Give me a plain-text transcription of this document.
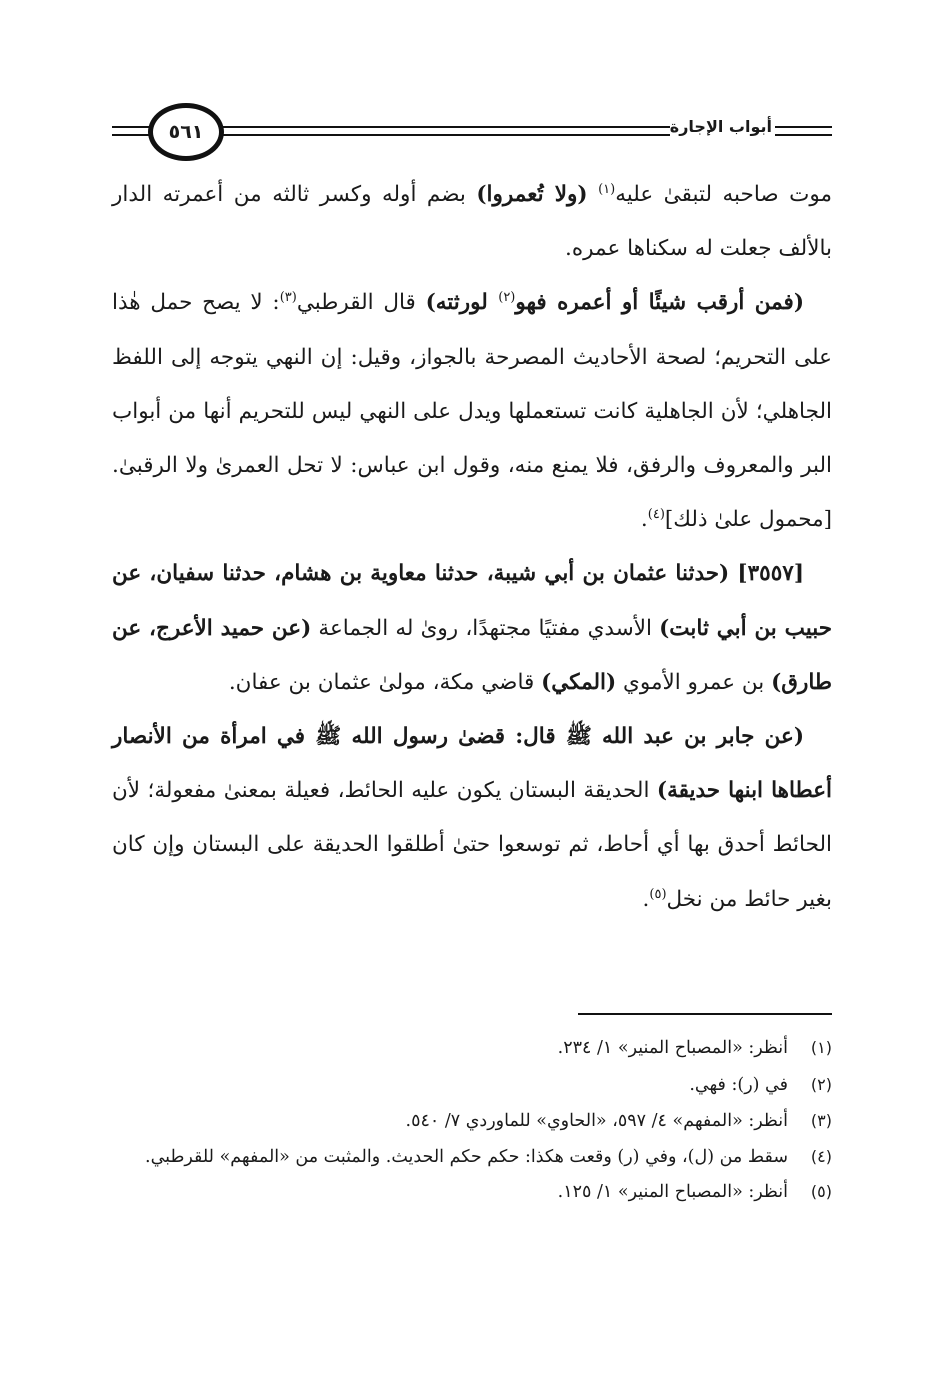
٥٦١	أبواب الإجارة

موت صاحبه لتبقىٰ عليه$^{(١)}$ (ولا تُعمروا) بضم أوله وكسر ثالثه من أعمرته الدار بالألف جعلت له سكناها عمره.

(فمن أرقب شيئًا أو أعمره فهو$^{(٢)}$ لورثته) قال القرطبي$^{(٣)}$: لا يصح حمل هٰذا على التحريم؛ لصحة الأحاديث المصرحة بالجواز، وقيل: إن النهي يتوجه إلى اللفظ الجاهلي؛ لأن الجاهلية كانت تستعملها ويدل على النهي ليس للتحريم أنها من أبواب البر والمعروف والرفق، فلا يمنع منه، وقول ابن عباس: لا تحل العمرىٰ ولا الرقبىٰ. [محمول علىٰ ذلك]$^{(٤)}$.

[٣٥٥٧] (حدثنا عثمان بن أبي شيبة، حدثنا معاوية بن هشام، حدثنا سفيان، عن حبيب بن أبي ثابت) الأسدي مفتيًا مجتهدًا، روىٰ له الجماعة (عن حميد الأعرج، عن طارق) بن عمرو الأموي (المكي) قاضي مكة، مولىٰ عثمان بن عفان.

(عن جابر بن عبد الله ﷺ قال: قضىٰ رسول الله ﷺ في امرأة من الأنصار أعطاها ابنها حديقة) الحديقة البستان يكون عليه الحائط، فعيلة بمعنىٰ مفعولة؛ لأن الحائط أحدق بها أي أحاط، ثم توسعوا حتىٰ أطلقوا الحديقة على البستان وإن كان بغير حائط من نخل$^{(٥)}$.

(١)
أنظر: «المصباح المنير» ١/ ٢٣٤.
(٢)
في (ر): فهي.
(٣)
أنظر: «المفهم» ٤/ ٥٩٧، «الحاوي» للماوردي ٧/ ٥٤٠.
(٤)
سقط من (ل)، وفي (ر) وقعت هكذا: حكم حكم الحديث. والمثبت من «المفهم» للقرطبي.
(٥)
أنظر: «المصباح المنير» ١/ ١٢٥.
